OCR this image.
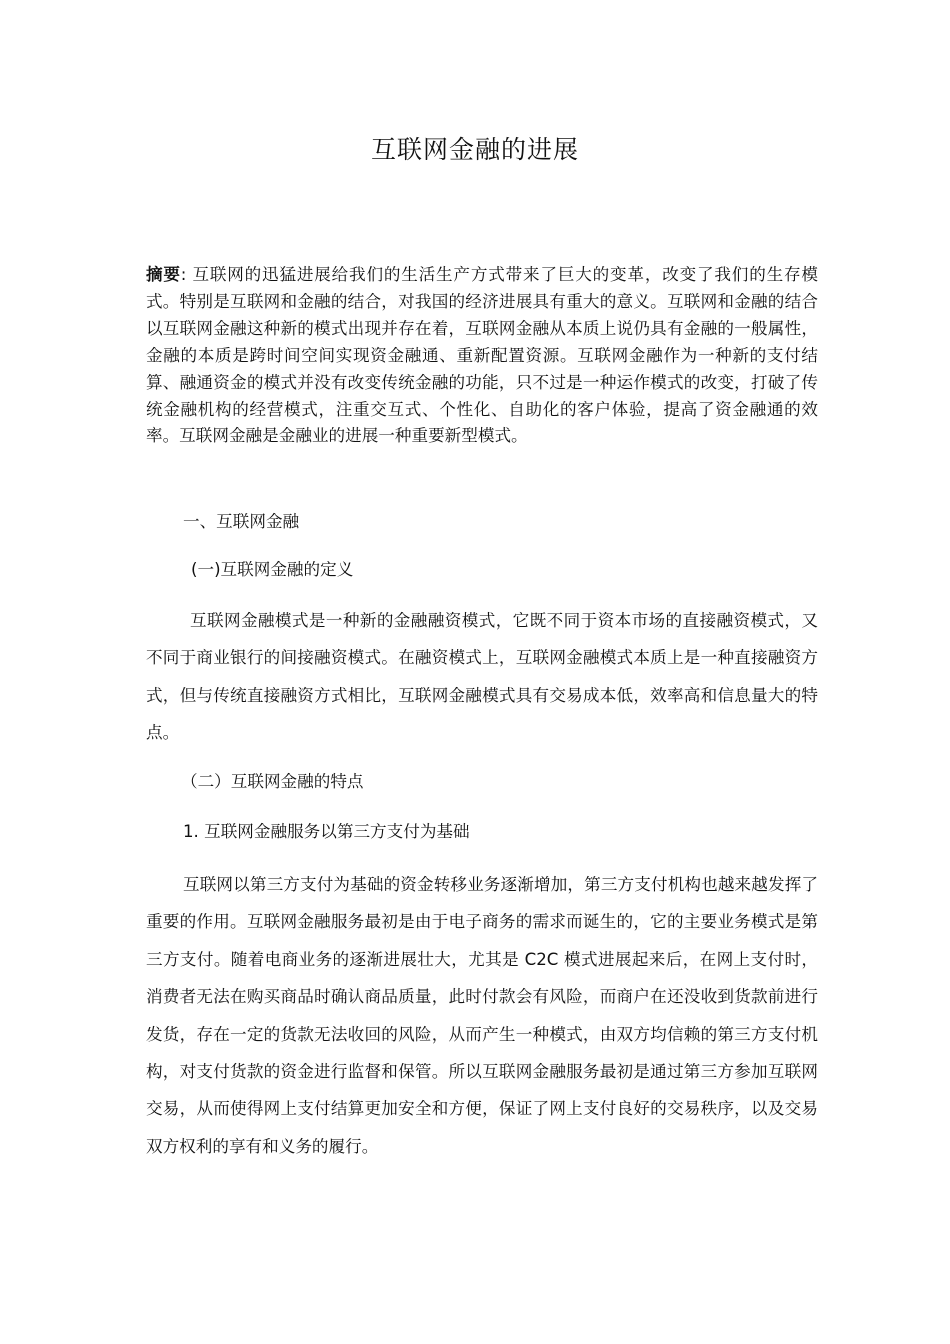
互联网金融的进展

摘要: 互联网的迅猛进展给我们的生活生产方式带来了巨大的变革，改变了我们的生存模式。特别是互联网和金融的结合，对我国的经济进展具有重大的意义。互联网和金融的结合以互联网金融这种新的模式出现并存在着，互联网金融从本质上说仍具有金融的一般属性，金融的本质是跨时间空间实现资金融通、重新配置资源。互联网金融作为一种新的支付结算、融通资金的模式并没有改变传统金融的功能，只不过是一种运作模式的改变，打破了传统金融机构的经营模式，注重交互式、个性化、自助化的客户体验，提高了资金融通的效率。互联网金融是金融业的进展一种重要新型模式。

一、互联网金融

(一)互联网金融的定义

互联网金融模式是一种新的金融融资模式，它既不同于资本市场的直接融资模式，又不同于商业银行的间接融资模式。在融资模式上，互联网金融模式本质上是一种直接融资方式，但与传统直接融资方式相比，互联网金融模式具有交易成本低，效率高和信息量大的特点。

（二）互联网金融的特点

1. 互联网金融服务以第三方支付为基础

互联网以第三方支付为基础的资金转移业务逐渐增加，第三方支付机构也越来越发挥了重要的作用。互联网金融服务最初是由于电子商务的需求而诞生的，它的主要业务模式是第三方支付。随着电商业务的逐渐进展壮大，尤其是 C2C 模式进展起来后，在网上支付时，消费者无法在购买商品时确认商品质量，此时付款会有风险，而商户在还没收到货款前进行发货，存在一定的货款无法收回的风险，从而产生一种模式，由双方均信赖的第三方支付机构，对支付货款的资金进行监督和保管。所以互联网金融服务最初是通过第三方参加互联网交易，从而使得网上支付结算更加安全和方便，保证了网上支付良好的交易秩序，以及交易双方权利的享有和义务的履行。
